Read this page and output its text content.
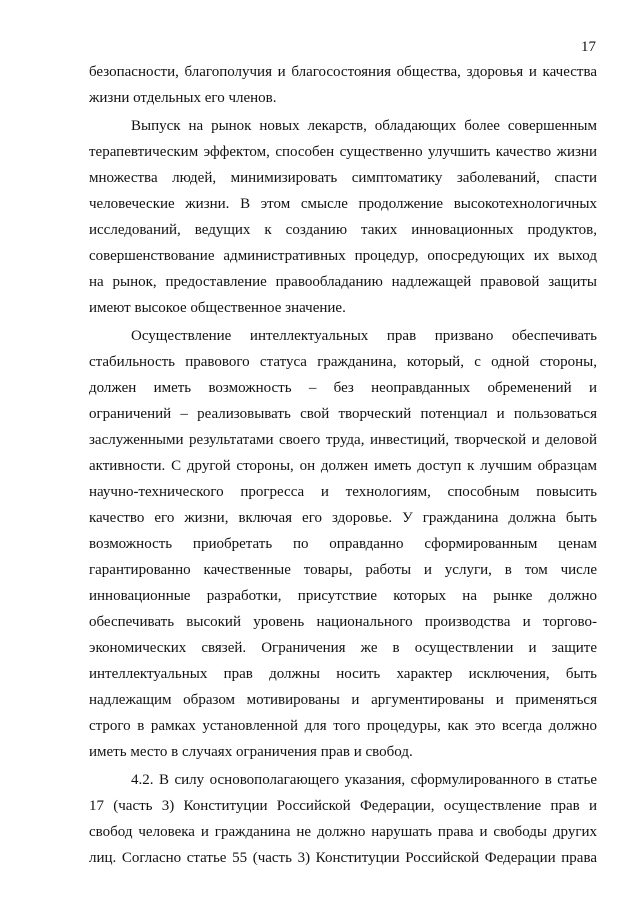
17
безопасности, благополучия и благосостояния общества, здоровья и качества
жизни отдельных его членов.
Выпуск на рынок новых лекарств, обладающих более совершенным
терапевтическим эффектом, способен существенно улучшить качество жизни
множества людей, минимизировать симптоматику заболеваний, спасти
человеческие жизни. В этом смысле продолжение высокотехнологичных
исследований, ведущих к созданию таких инновационных продуктов,
совершенствование административных процедур, опосредующих их выход
на рынок, предоставление правообладанию надлежащей правовой защиты
имеют высокое общественное значение.
Осуществление интеллектуальных прав призвано обеспечивать
стабильность правового статуса гражданина, который, с одной стороны,
должен иметь возможность – без неоправданных обременений и
ограничений – реализовывать свой творческий потенциал и пользоваться
заслуженными результатами своего труда, инвестиций, творческой и деловой
активности. С другой стороны, он должен иметь доступ к лучшим образцам
научно-технического прогресса и технологиям, способным повысить
качество его жизни, включая его здоровье. У гражданина должна быть
возможность приобретать по оправданно сформированным ценам
гарантированно качественные товары, работы и услуги, в том числе
инновационные разработки, присутствие которых на рынке должно
обеспечивать высокий уровень национального производства и торгово-
экономических связей. Ограничения же в осуществлении и защите
интеллектуальных прав должны носить характер исключения, быть
надлежащим образом мотивированы и аргументированы и применяться
строго в рамках установленной для того процедуры, как это всегда должно
иметь место в случаях ограничения прав и свобод.
4.2. В силу основополагающего указания, сформулированного в статье
17 (часть 3) Конституции Российской Федерации, осуществление прав и
свобод человека и гражданина не должно нарушать права и свободы других
лиц. Согласно статье 55 (часть 3) Конституции Российской Федерации права
